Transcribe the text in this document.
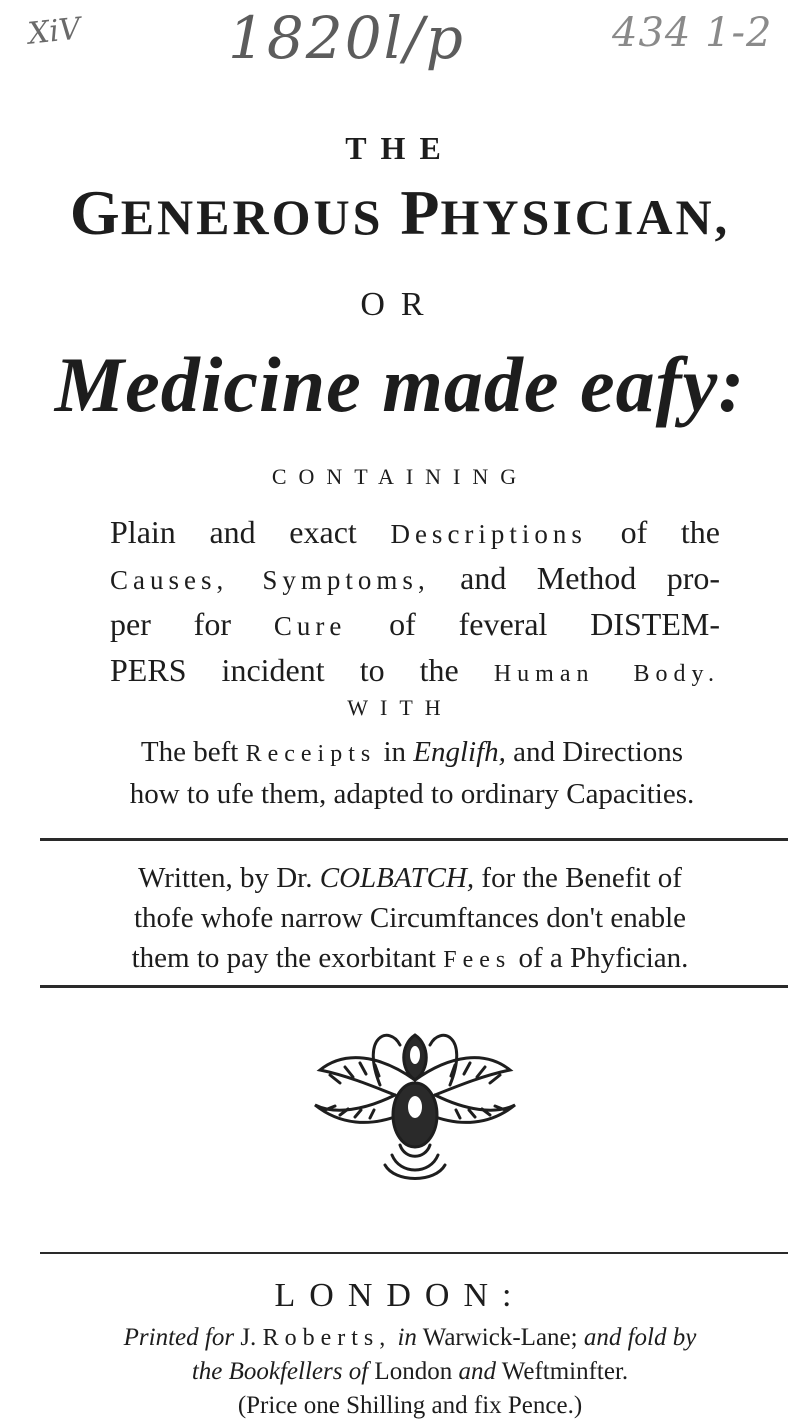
XiV	1820l/p	434 1-2
THE
GENEROUS PHYSICIAN,
OR
Medicine made eafy:
CONTAINING
Plain and exact Descriptions of the
Causes, Symptoms, and Method pro-
per for Cure of feveral DISTEM-
PERS incident to the Human Body.
WITH
The beft Receipts in Englifh, and Directions
how to ufe them, adapted to ordinary Capacities.
Written, by Dr. COLBATCH, for the Benefit of
thofe whofe narrow Circumftances don't enable
them to pay the exorbitant Fees of a Phyfician.
LONDON:
Printed for J. Roberts, in Warwick-Lane; and fold by
the Bookfellers of London and Weftminfter.
(Price one Shilling and fix Pence.)
